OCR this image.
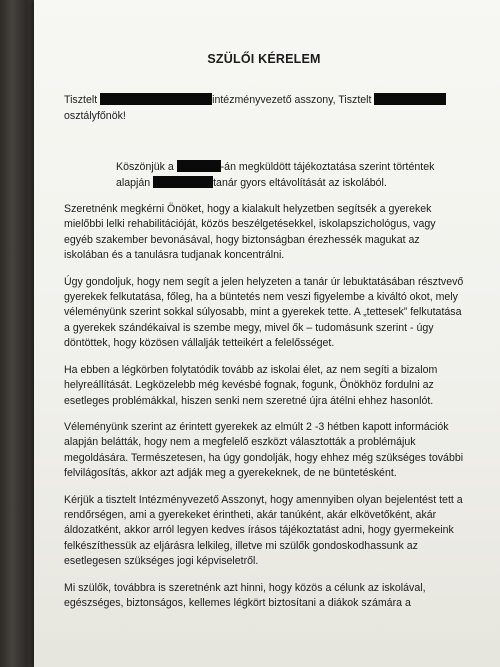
SZÜLŐI KÉRELEM

Tisztelt	intézményvezető asszony, Tisztelt
osztályfőnök!

Köszönjük a	-án megküldött tájékoztatása szerint történtek alapján	tanár gyors eltávolítását az iskolából.

Szeretnénk megkérni Önöket, hogy a kialakult helyzetben segítsék a gyerekek mielőbbi lelki rehabilitációját, közös beszélgetésekkel, iskolapszichológus, vagy egyéb szakember bevonásával, hogy biztonságban érezhessék magukat az iskolában és a tanulásra tudjanak koncentrálni.

Úgy gondoljuk, hogy nem segít a jelen helyzeten a tanár úr lebuktatásában résztvevő gyerekek felkutatása, főleg, ha a büntetés nem veszi figyelembe a kiváltó okot, mely véleményünk szerint sokkal súlyosabb, mint a gyerekek tette. A „tettesek” felkutatása a gyerekek szándékaival is szembe megy, mivel ők – tudomásunk szerint - úgy döntöttek, hogy közösen vállalják tetteikért a felelősséget.

Ha ebben a légkörben folytatódik tovább az iskolai élet, az nem segíti a bizalom helyreállítását. Legközelebb még kevésbé fognak, fogunk, Önökhöz fordulni az esetleges problémákkal, hiszen senki nem szeretné újra átélni ehhez hasonlót.

Véleményünk szerint az érintett gyerekek az elmúlt 2 -3 hétben kapott információk alapján belátták, hogy nem a megfelelő eszközt választották a problémájuk megoldására. Természetesen, ha úgy gondolják, hogy ehhez még szükséges további felvilágosítás, akkor azt adják meg a gyerekeknek, de ne büntetésként.

Kérjük a tisztelt Intézményvezető Asszonyt, hogy amennyiben olyan bejelentést tett a rendőrségen, ami a gyerekeket érintheti, akár tanúként, akár elkövetőként, akár áldozatként, akkor arról legyen kedves írásos tájékoztatást adni, hogy gyermekeink felkészíthessük az eljárásra lelkileg, illetve mi szülők gondoskodhassunk az esetlegesen szükséges jogi képviseletről.

Mi szülők, továbbra is szeretnénk azt hinni, hogy közös a célunk az iskolával, egészséges, biztonságos, kellemes légkört biztosítani a diákok számára a
